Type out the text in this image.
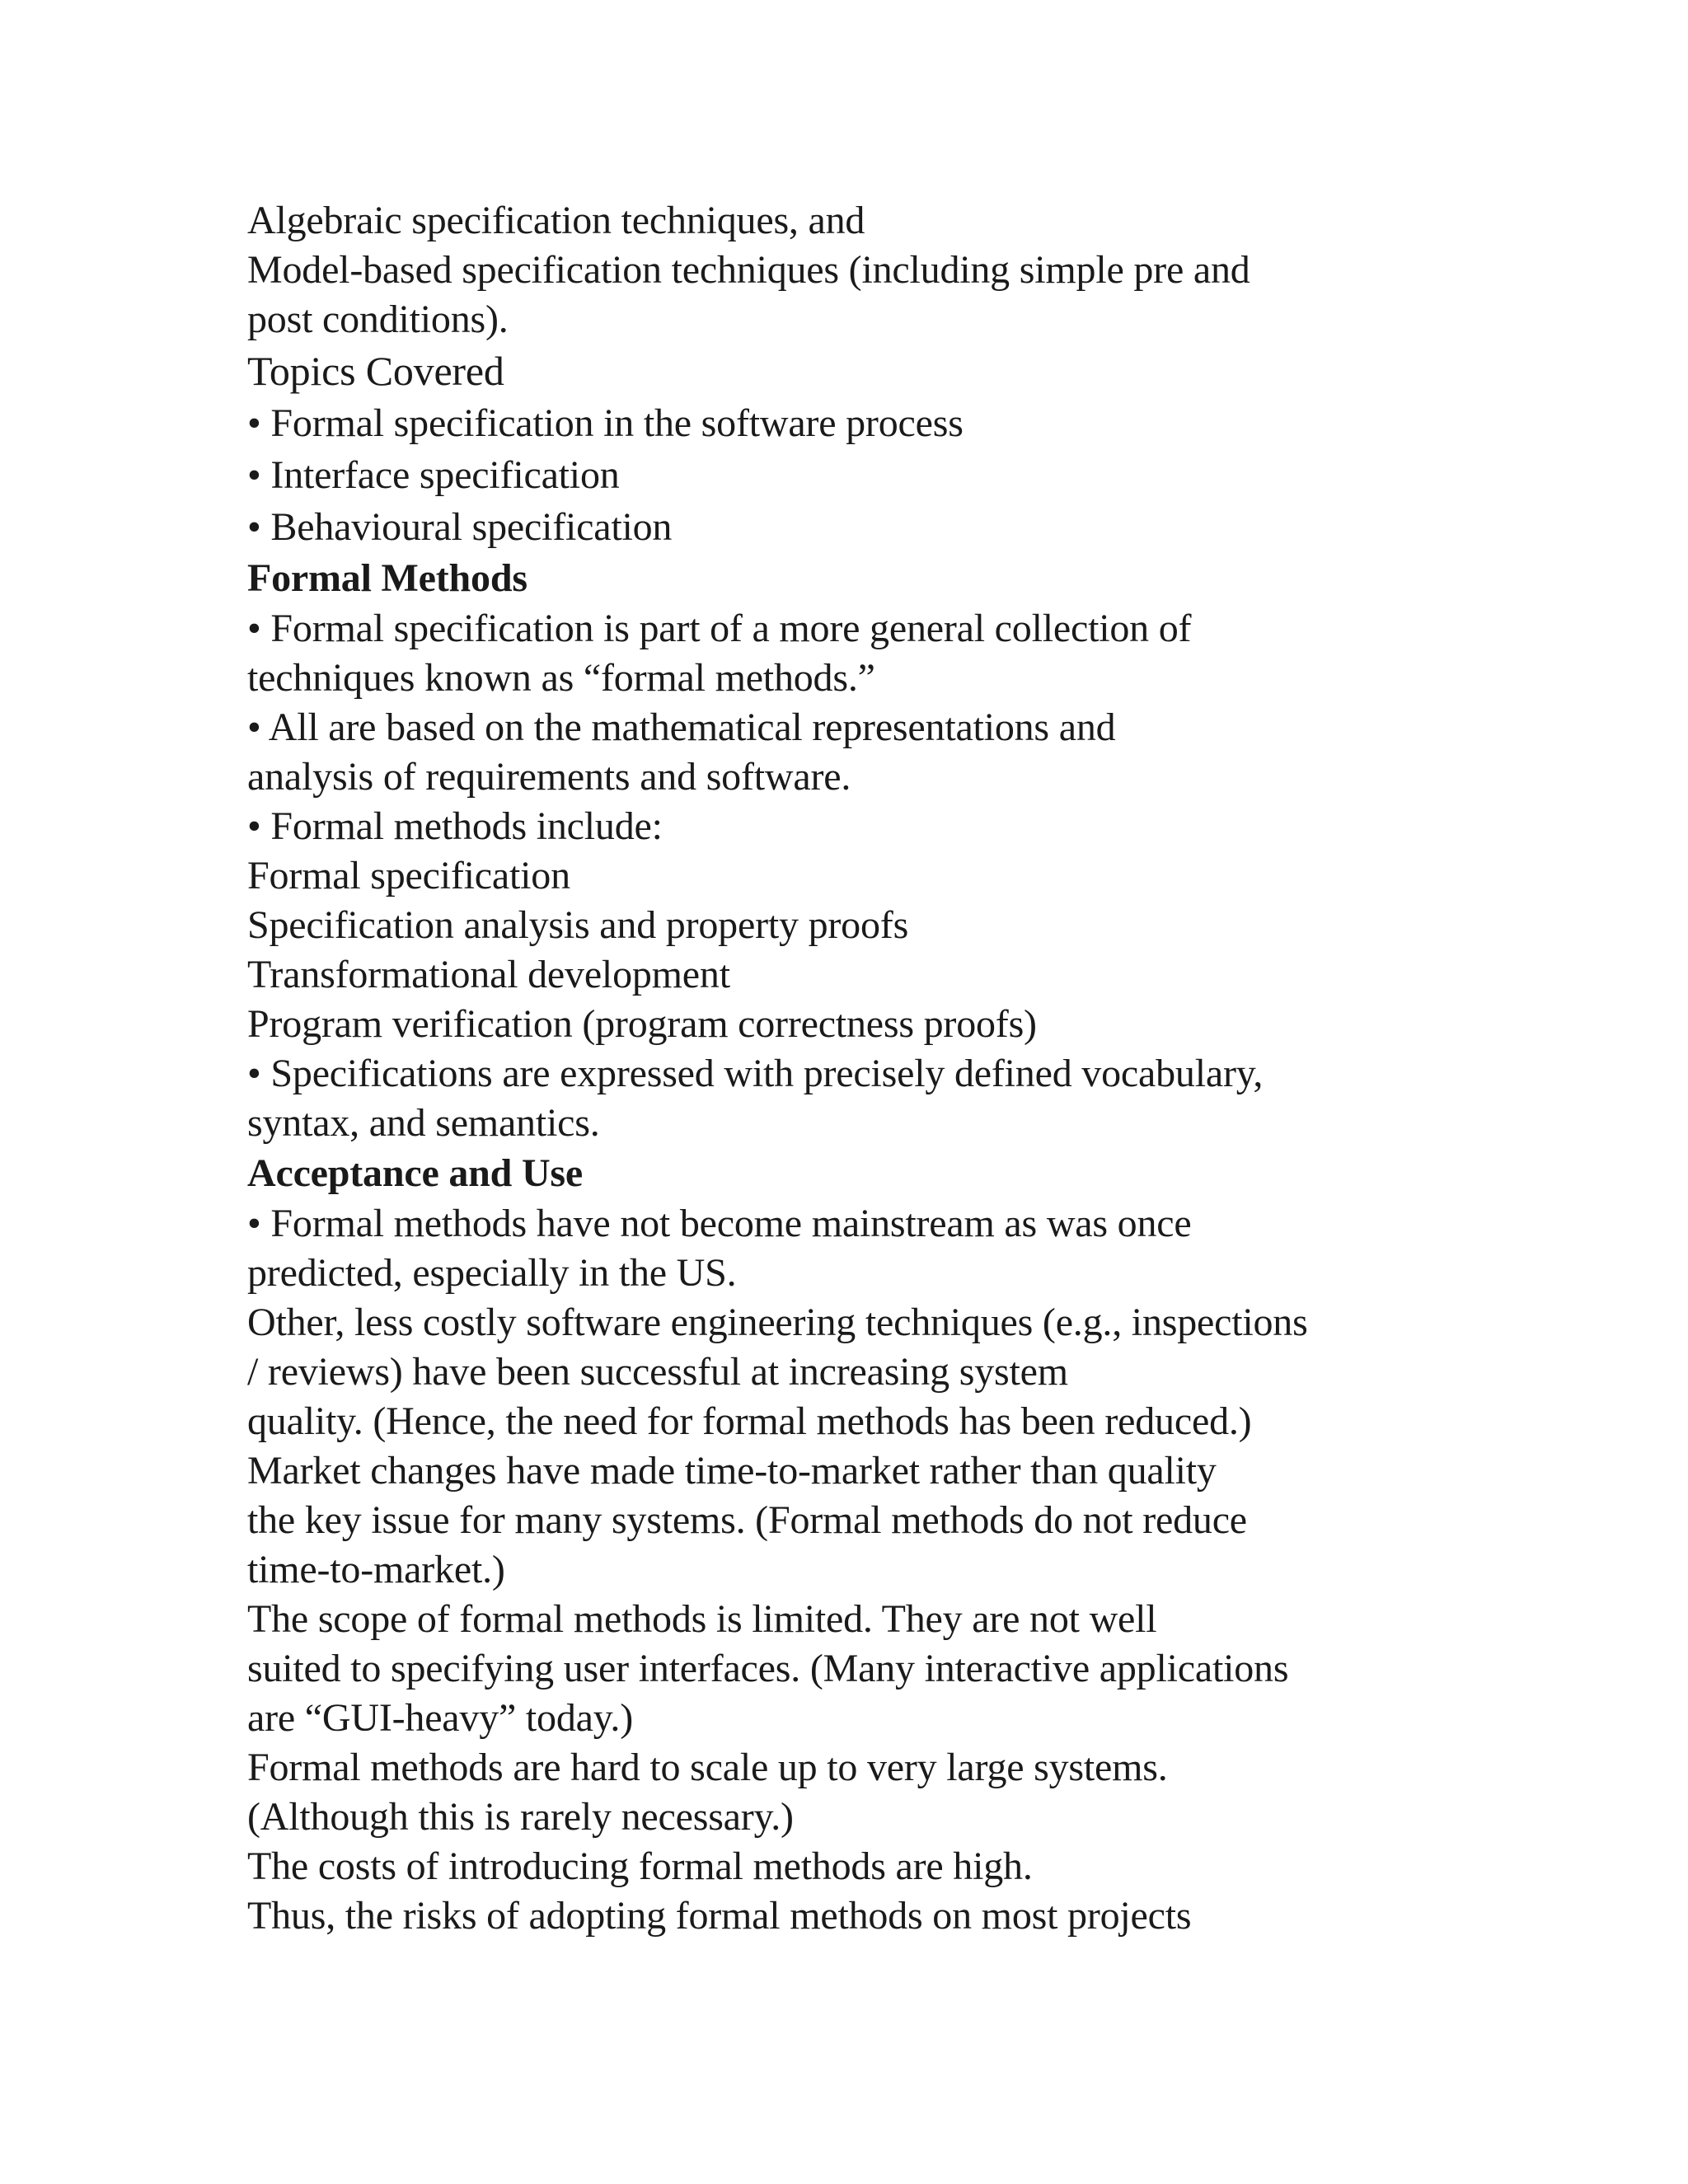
Algebraic specification techniques, and
Model-based specification techniques (including simple pre and
post conditions).
Topics Covered
• Formal specification in the software process
• Interface specification
• Behavioural specification
Formal Methods
• Formal specification is part of a more general collection of
techniques known as “formal methods.”
• All are based on the mathematical representations and
analysis of requirements and software.
• Formal methods include:
Formal specification
Specification analysis and property proofs
Transformational development
Program verification (program correctness proofs)
• Specifications are expressed with precisely defined vocabulary,
syntax, and semantics.
Acceptance and Use
• Formal methods have not become mainstream as was once
predicted, especially in the US.
Other, less costly software engineering techniques (e.g., inspections
/ reviews) have been successful at increasing system
quality. (Hence, the need for formal methods has been reduced.)
Market changes have made time-to-market rather than quality
the key issue for many systems. (Formal methods do not reduce
time-to-market.)
The scope of formal methods is limited. They are not well
suited to specifying user interfaces. (Many interactive applications
are “GUI-heavy” today.)
Formal methods are hard to scale up to very large systems.
(Although this is rarely necessary.)
The costs of introducing formal methods are high.
Thus, the risks of adopting formal methods on most projects
